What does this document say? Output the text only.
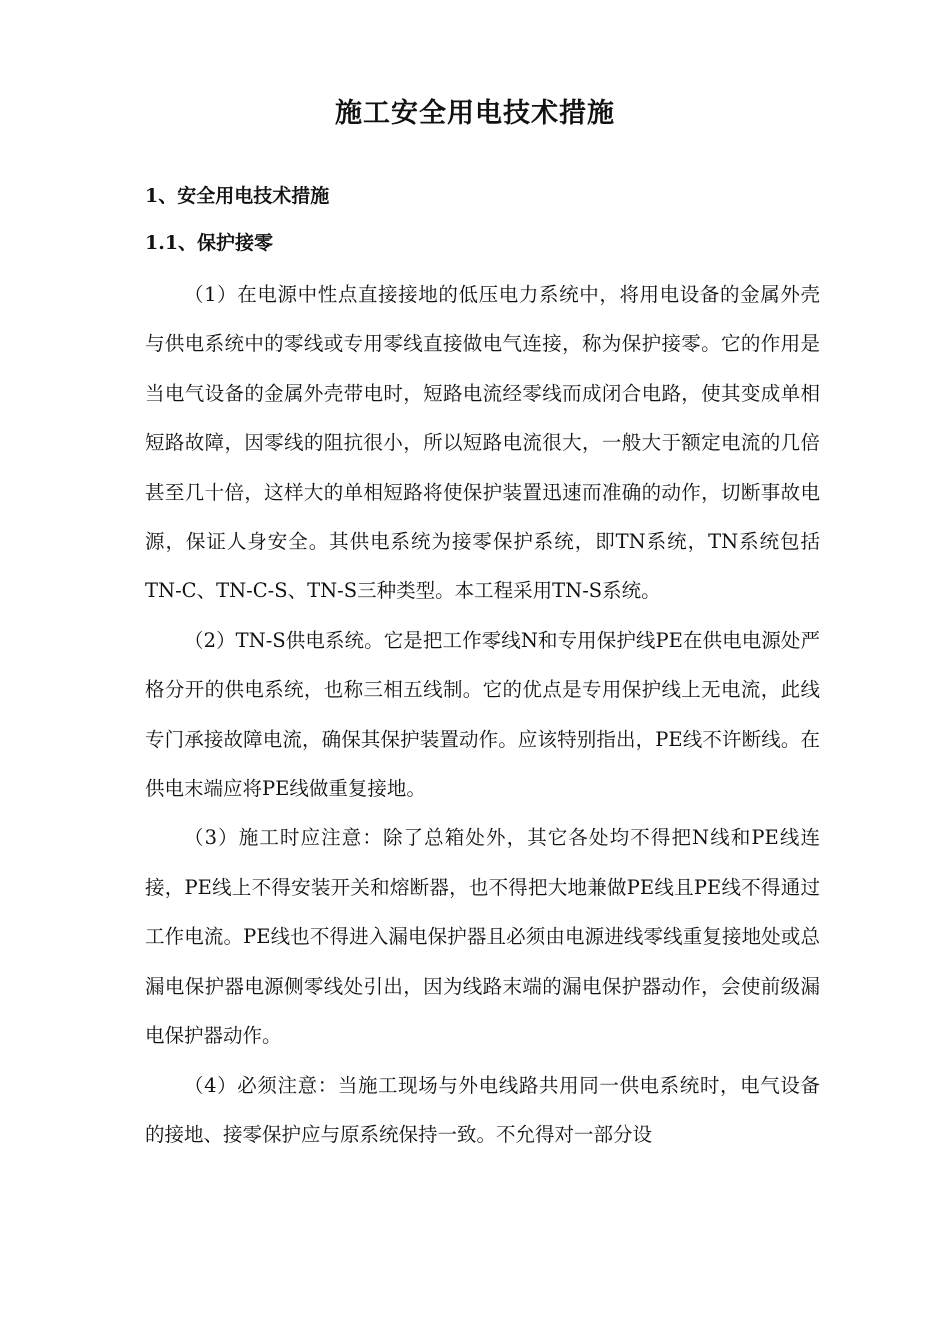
施工安全用电技术措施
1、安全用电技术措施
1.1、保护接零

（1）在电源中性点直接接地的低压电力系统中，将用电设备的金属外壳与供电系统中的零线或专用零线直接做电气连接，称为保护接零。它的作用是当电气设备的金属外壳带电时，短路电流经零线而成闭合电路，使其变成单相短路故障，因零线的阻抗很小，所以短路电流很大，一般大于额定电流的几倍甚至几十倍，这样大的单相短路将使保护装置迅速而准确的动作，切断事故电源，保证人身安全。其供电系统为接零保护系统，即TN系统，TN系统包括TN-C、TN-C-S、TN-S三种类型。本工程采用TN-S系统。

（2）TN-S供电系统。它是把工作零线N和专用保护线PE在供电电源处严格分开的供电系统，也称三相五线制。它的优点是专用保护线上无电流，此线专门承接故障电流，确保其保护装置动作。应该特别指出，PE线不许断线。在供电末端应将PE线做重复接地。

（3）施工时应注意：除了总箱处外，其它各处均不得把N线和PE线连接，PE线上不得安装开关和熔断器，也不得把大地兼做PE线且PE线不得通过工作电流。PE线也不得进入漏电保护器且必须由电源进线零线重复接地处或总漏电保护器电源侧零线处引出，因为线路末端的漏电保护器动作，会使前级漏电保护器动作。

（4）必须注意：当施工现场与外电线路共用同一供电系统时，电气设备的接地、接零保护应与原系统保持一致。不允得对一部分设
